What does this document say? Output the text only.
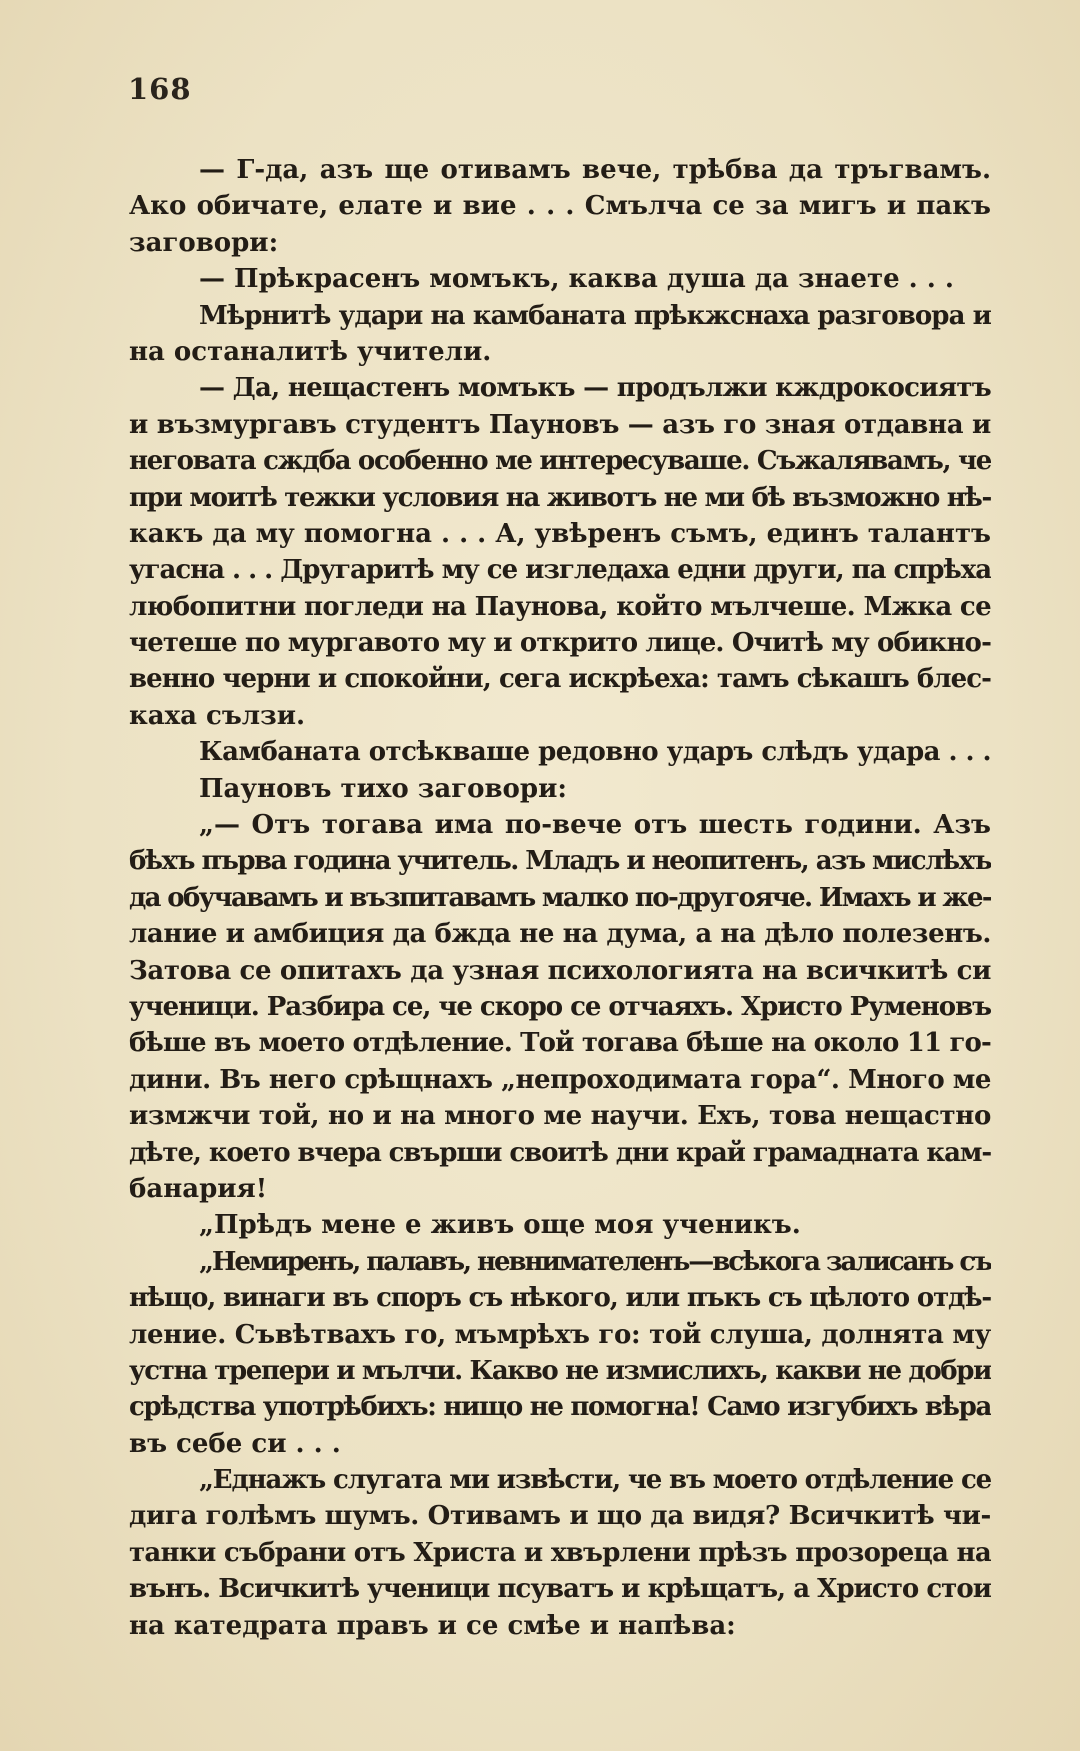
168
— Г-да, азъ ще отивамъ вече, трѣбва да тръгвамъ.
Ако обичате, елате и вие . . . Смълча се за мигъ и пакъ
заговори:
— Прѣкрасенъ момъкъ, каква душа да знаете . . .
Мѣрнитѣ удари на камбаната прѣкжснаха разговора и
на останалитѣ учители.
— Да, нещастенъ момъкъ — продължи кждрокосиятъ
и възмургавъ студентъ Пауновъ — азъ го зная отдавна и
неговата сждба особенно ме интересуваше. Съжалявамъ, че
при моитѣ тежки условия на животъ не ми бѣ възможно нѣ-
какъ да му помогна . . . А, увѣренъ съмъ, единъ талантъ
угасна . . . Другаритѣ му се изгледаха едни други, па спрѣха
любопитни погледи на Паунова, който мълчеше. Мжка се
четеше по мургавото му и открито лице. Очитѣ му обикно-
венно черни и спокойни, сега искрѣеха: тамъ сѣкашъ блес-
каха сълзи.
Камбаната отсѣкваше редовно ударъ слѣдъ удара . . .
Пауновъ тихо заговори:
„— Отъ тогава има по-вече отъ шесть години. Азъ
бѣхъ първа година учитель. Младъ и неопитенъ, азъ мислѣхъ
да обучавамъ и възпитавамъ малко по-другояче. Имахъ и же-
лание и амбиция да бжда не на дума, а на дѣло полезенъ.
Затова се опитахъ да узная психологията на всичкитѣ си
ученици. Разбира се, че скоро се отчаяхъ. Христо Руменовъ
бѣше въ моето отдѣление. Той тогава бѣше на около 11 го-
дини. Въ него срѣщнахъ „непроходимата гора“. Много ме
измжчи той, но и на много ме научи. Ехъ, това нещастно
дѣте, което вчера свърши своитѣ дни край грамадната кам-
банария!
„Прѣдъ мене е живъ още моя ученикъ.
„Немиренъ, палавъ, невнимателенъ—всѣкога залисанъ съ
нѣщо, винаги въ споръ съ нѣкого, или пъкъ съ цѣлото отдѣ-
ление. Съвѣтвахъ го, мъмрѣхъ го: той слуша, долнята му
устна трепери и мълчи. Какво не измислихъ, какви не добри
срѣдства употрѣбихъ: нищо не помогна! Само изгубихъ вѣра
въ себе си . . .
„Еднажъ слугата ми извѣсти, че въ моето отдѣление се
дига голѣмъ шумъ. Отивамъ и що да видя? Всичкитѣ чи-
танки събрани отъ Христа и хвърлени прѣзъ прозореца на
вънъ. Всичкитѣ ученици псуватъ и крѣщатъ, а Христо стои
на катедрата правъ и се смѣе и напѣва:
